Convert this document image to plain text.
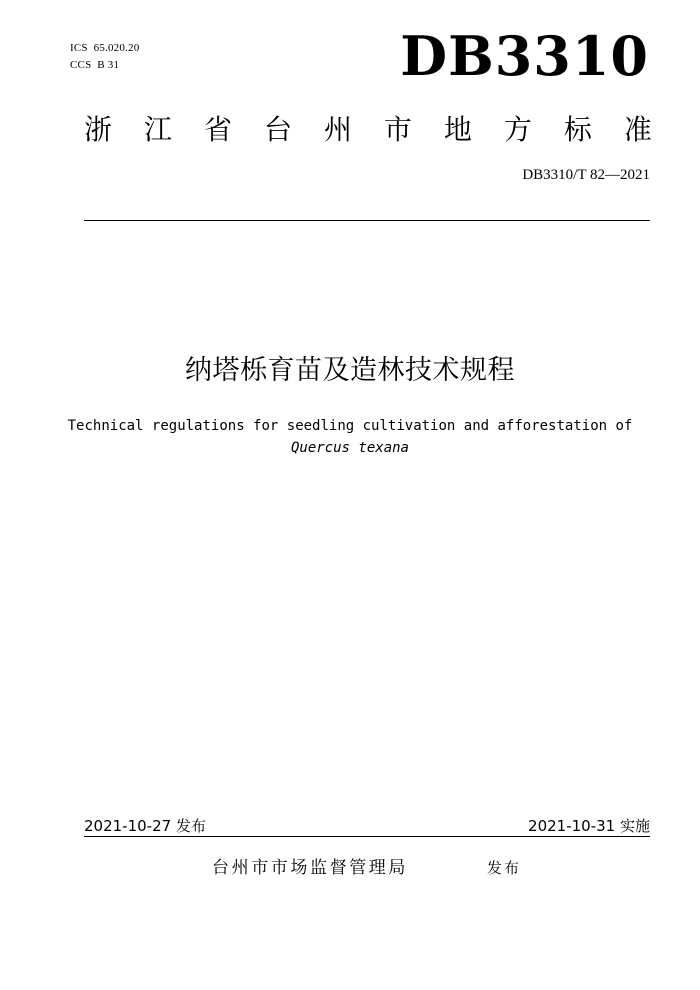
ICS  65.020.20
CCS  B 31	DB3310
浙 江 省 台 州 市 地 方 标 准
DB3310/T 82—2021
纳塔栎育苗及造林技术规程
Technical regulations for seedling cultivation and afforestation of
Quercus texana
2021-10-27 发布	2021-10-31 实施
台州市市场监督管理局	发布
